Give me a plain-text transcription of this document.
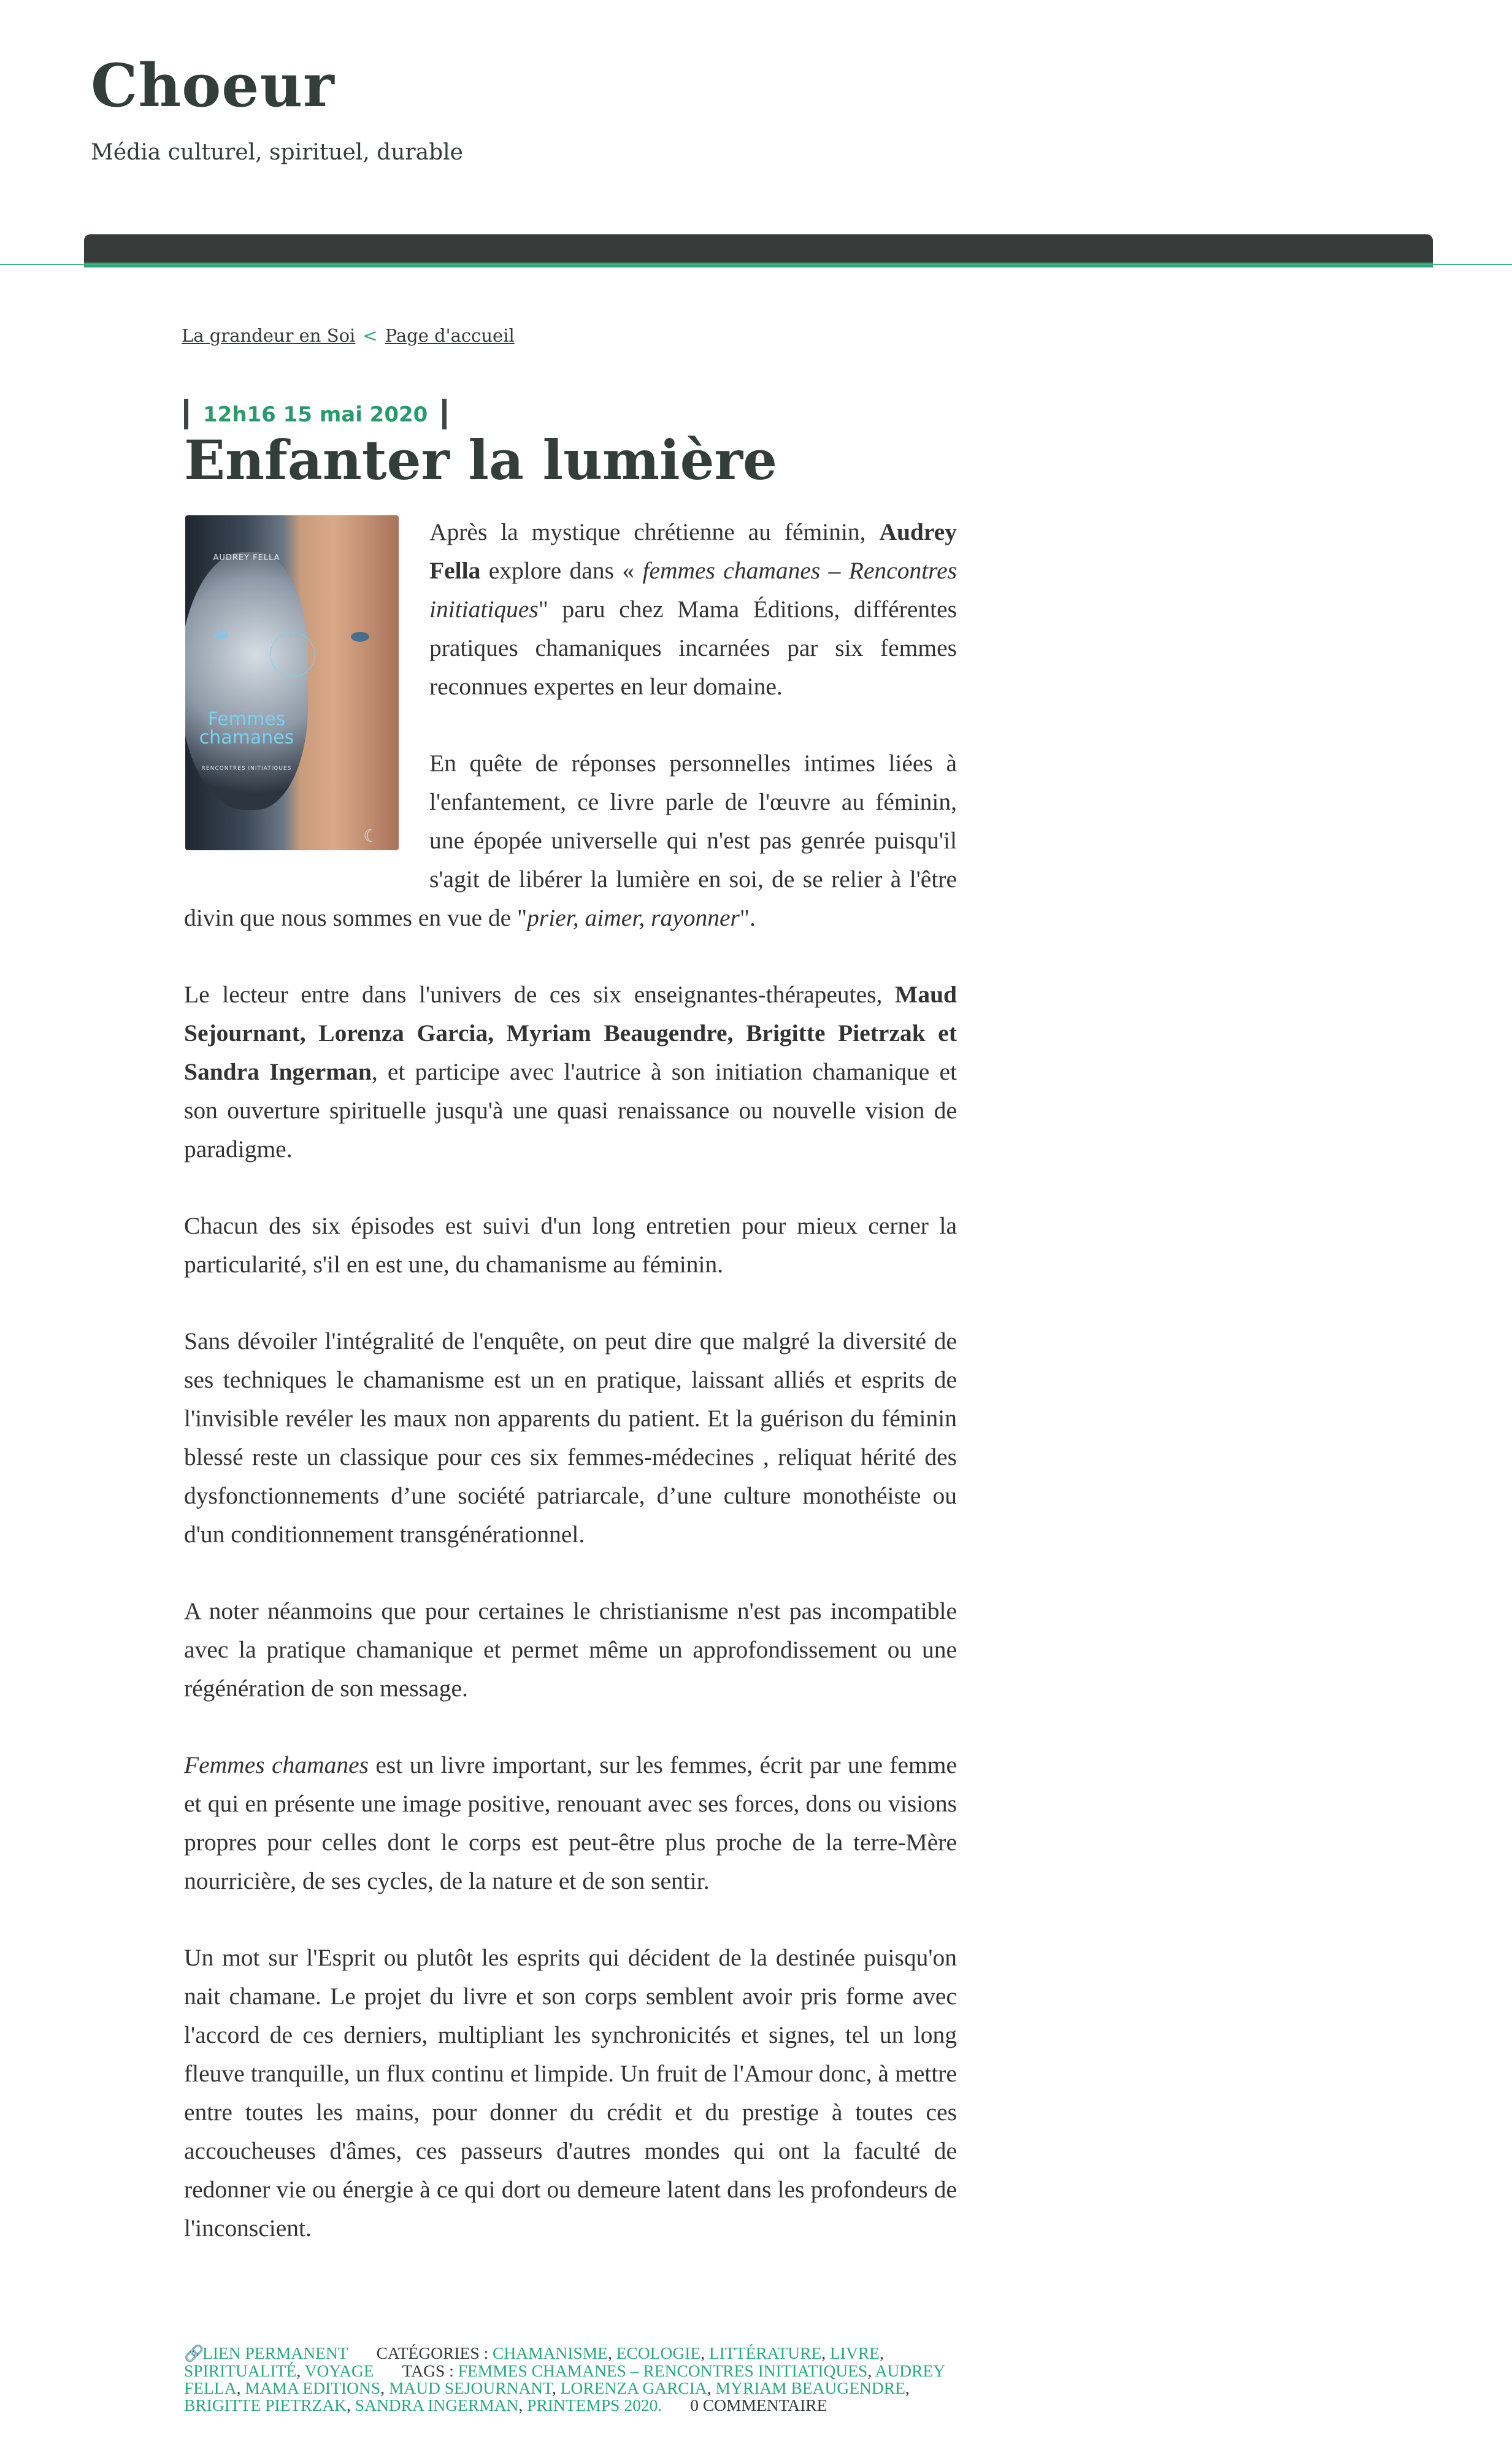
Choeur
Média culturel, spirituel, durable
La grandeur en Soi < Page d'accueil
12h16 15 mai 2020
Enfanter la lumière
AUDREY FELLA
Femmes
chamanes
RENCONTRES INITIATIQUES
☾

Après la mystique chrétienne au féminin, Audrey Fella explore dans « femmes chamanes – Rencontres initiatiques" paru chez Mama Éditions, différentes pratiques chamaniques incarnées par six femmes reconnues expertes en leur domaine.

En quête de réponses personnelles intimes liées à l'enfantement, ce livre parle de l'œuvre au féminin, une épopée universelle qui n'est pas genrée puisqu'il s'agit de libérer la lumière en soi, de se relier à l'être divin que nous sommes en vue de "prier, aimer, rayonner".

Le lecteur entre dans l'univers de ces six enseignantes-thérapeutes, Maud Sejournant, Lorenza Garcia, Myriam Beaugendre, Brigitte Pietrzak et Sandra Ingerman, et participe avec l'autrice à son initiation chamanique et son ouverture spirituelle jusqu'à une quasi renaissance ou nouvelle vision de paradigme.

Chacun des six épisodes est suivi d'un long entretien pour mieux cerner la particularité, s'il en est une, du chamanisme au féminin.

Sans dévoiler l'intégralité de l'enquête, on peut dire que malgré la diversité de ses techniques le chamanisme est un en pratique, laissant alliés et esprits de l'invisible revéler les maux non apparents du patient. Et la guérison du féminin blessé reste un classique pour ces six femmes-médecines , reliquat hérité des dysfonctionnements d’une société patriarcale, d’une culture monothéiste ou d'un conditionnement transgénérationnel.

A noter néanmoins que pour certaines le christianisme n'est pas incompatible avec la pratique chamanique et permet même un approfondissement ou une régénération de son message.

Femmes chamanes est un livre important, sur les femmes, écrit par une femme et qui en présente une image positive, renouant avec ses forces, dons ou visions propres pour celles dont le corps est peut-être plus proche de la terre-Mère nourricière, de ses cycles, de la nature et de son sentir.

Un mot sur l'Esprit ou plutôt les esprits qui décident de la destinée puisqu'on nait chamane. Le projet du livre et son corps semblent avoir pris forme avec l'accord de ces derniers, multipliant les synchronicités et signes, tel un long fleuve tranquille, un flux continu et limpide. Un fruit de l'Amour donc, à mettre entre toutes les mains, pour donner du crédit et du prestige à toutes ces accoucheuses d'âmes, ces passeurs d'autres mondes qui ont la faculté de redonner vie ou énergie à ce qui dort ou demeure latent dans les profondeurs de l'inconscient.

🔗LIEN PERMANENT CATÉGORIES : CHAMANISME, ECOLOGIE, LITTÉRATURE, LIVRE, SPIRITUALITÉ, VOYAGE TAGS : FEMMES CHAMANES – RENCONTRES INITIATIQUES, AUDREY FELLA, MAMA EDITIONS, MAUD SEJOURNANT, LORENZA GARCIA, MYRIAM BEAUGENDRE, BRIGITTE PIETRZAK, SANDRA INGERMAN, PRINTEMPS 2020. 0 COMMENTAIRE
